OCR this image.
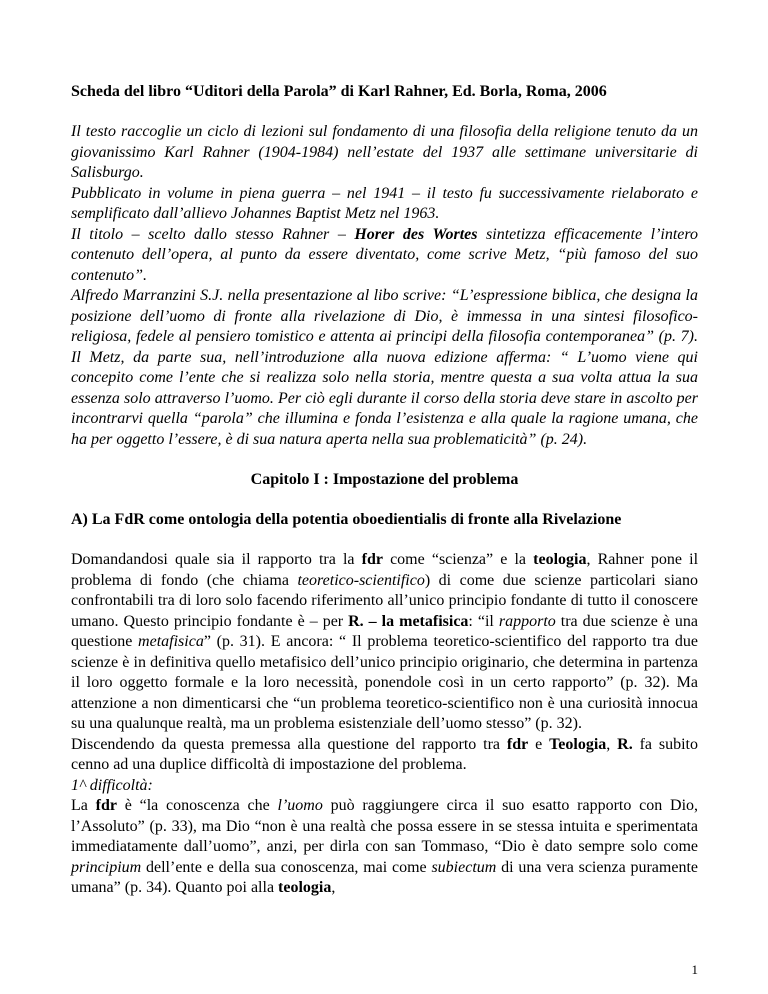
Scheda del libro “Uditori della Parola” di Karl Rahner, Ed. Borla, Roma, 2006

Il testo raccoglie un ciclo di lezioni sul fondamento di una filosofia della religione tenuto da un giovanissimo Karl Rahner (1904-1984) nell’estate del 1937 alle settimane universitarie di Salisburgo.

Pubblicato in volume in piena guerra – nel 1941 – il testo fu successivamente rielaborato e semplificato dall’allievo Johannes Baptist Metz nel 1963.

Il titolo – scelto dallo stesso Rahner – Horer des Wortes sintetizza efficacemente l’intero contenuto dell’opera, al punto da essere diventato, come scrive Metz, “più famoso del suo contenuto”.

Alfredo Marranzini S.J. nella presentazione al libo scrive: “L’espressione biblica, che designa la posizione dell’uomo di fronte alla rivelazione di Dio, è immessa in una sintesi filosofico-religiosa, fedele al pensiero tomistico e attenta ai principi della filosofia contemporanea” (p. 7). Il Metz, da parte sua, nell’introduzione alla nuova edizione afferma: “ L’uomo viene qui concepito come l’ente che si realizza solo nella storia, mentre questa a sua volta attua la sua essenza solo attraverso l’uomo. Per ciò egli durante il corso della storia deve stare in ascolto per incontrarvi quella “parola” che illumina e fonda l’esistenza e alla quale la ragione umana, che ha per oggetto l’essere, è di sua natura aperta nella sua problematicità” (p. 24).

Capitolo I : Impostazione del problema
A) La FdR come ontologia della potentia oboedientialis di fronte alla Rivelazione

Domandandosi quale sia il rapporto tra la fdr come “scienza” e la teologia, Rahner pone il problema di fondo (che chiama teoretico-scientifico) di come due scienze particolari siano confrontabili tra di loro solo facendo riferimento all’unico principio fondante di tutto il conoscere umano. Questo principio fondante è – per R. – la metafisica: “il rapporto tra due scienze è una questione metafisica” (p. 31). E ancora: “ Il problema teoretico-scientifico del rapporto tra due scienze è in definitiva quello metafisico dell’unico principio originario, che determina in partenza il loro oggetto formale e la loro necessità, ponendole così in un certo rapporto” (p. 32). Ma attenzione a non dimenticarsi che “un problema teoretico-scientifico non è una curiosità innocua su una qualunque realtà, ma un problema esistenziale dell’uomo stesso” (p. 32).

Discendendo da questa premessa alla questione del rapporto tra fdr e Teologia, R. fa subito cenno ad una duplice difficoltà di impostazione del problema.

1^ difficoltà:

La fdr è “la conoscenza che l’uomo può raggiungere circa il suo esatto rapporto con Dio, l’Assoluto” (p. 33), ma Dio “non è una realtà che possa essere in se stessa intuita e sperimentata immediatamente dall’uomo”, anzi, per dirla con san Tommaso, “Dio è dato sempre solo come principium dell’ente e della sua conoscenza, mai come subiectum di una vera scienza puramente umana” (p. 34). Quanto poi alla teologia,

1
